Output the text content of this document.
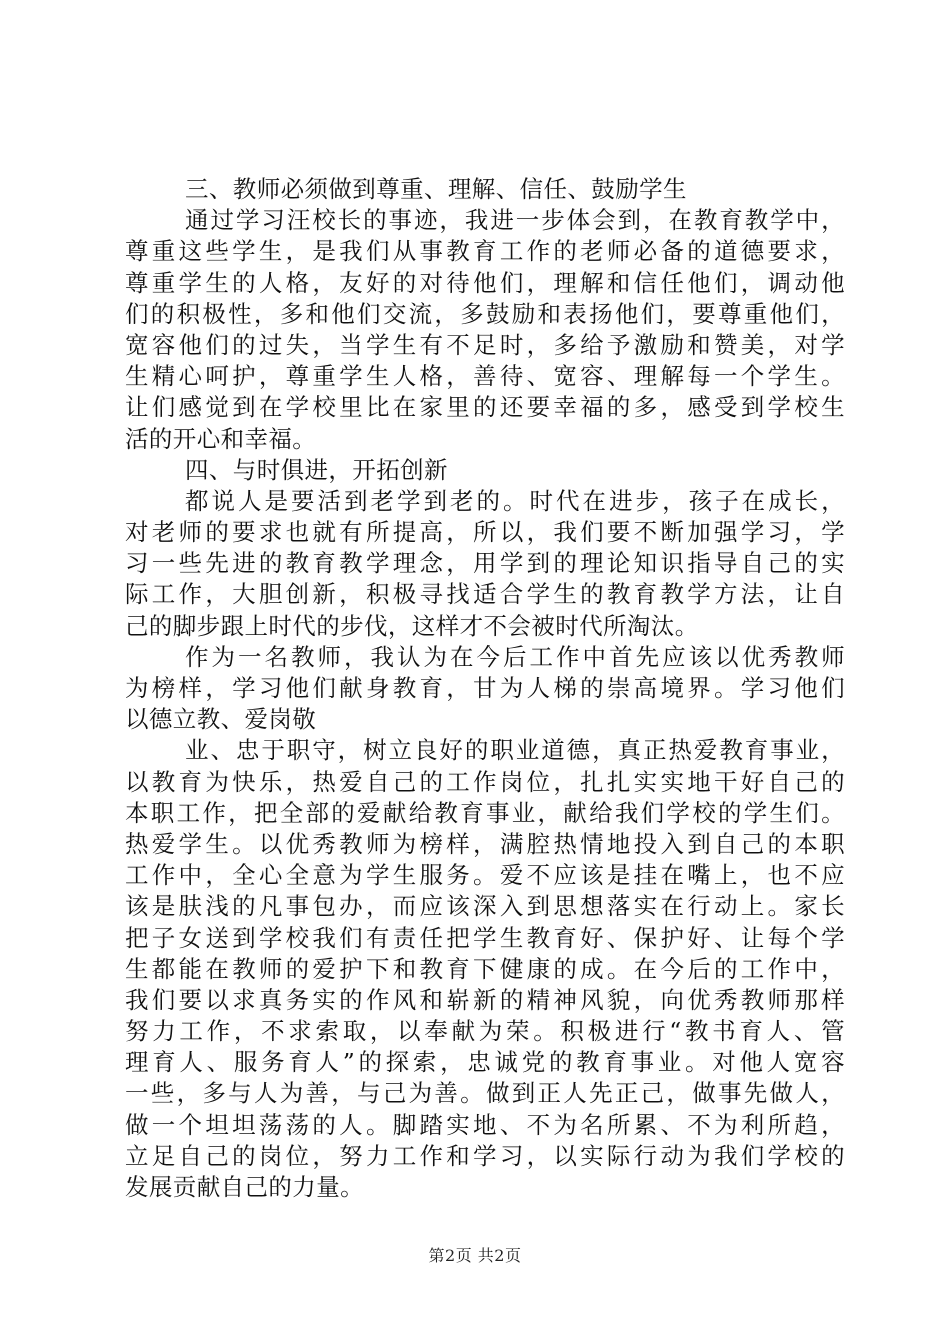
三、教师必须做到尊重、理解、信任、鼓励学生
通过学习汪校长的事迹，我进一步体会到，在教育教学中，
尊重这些学生，是我们从事教育工作的老师必备的道德要求，
尊重学生的人格，友好的对待他们，理解和信任他们，调动他
们的积极性，多和他们交流，多鼓励和表扬他们，要尊重他们，
宽容他们的过失，当学生有不足时，多给予激励和赞美，对学
生精心呵护，尊重学生人格，善待、宽容、理解每一个学生。
让们感觉到在学校里比在家里的还要幸福的多，感受到学校生
活的开心和幸福。
四、与时俱进，开拓创新
都说人是要活到老学到老的。时代在进步，孩子在成长，
对老师的要求也就有所提高，所以，我们要不断加强学习，学
习一些先进的教育教学理念，用学到的理论知识指导自己的实
际工作，大胆创新，积极寻找适合学生的教育教学方法，让自
己的脚步跟上时代的步伐，这样才不会被时代所淘汰。
作为一名教师，我认为在今后工作中首先应该以优秀教师
为榜样，学习他们献身教育，甘为人梯的崇高境界。学习他们
以德立教、爱岗敬
业、忠于职守，树立良好的职业道德，真正热爱教育事业，
以教育为快乐，热爱自己的工作岗位，扎扎实实地干好自己的
本职工作，把全部的爱献给教育事业，献给我们学校的学生们。
热爱学生。以优秀教师为榜样，满腔热情地投入到自己的本职
工作中，全心全意为学生服务。爱不应该是挂在嘴上，也不应
该是肤浅的凡事包办，而应该深入到思想落实在行动上。家长
把子女送到学校我们有责任把学生教育好、保护好、让每个学
生都能在教师的爱护下和教育下健康的成。在今后的工作中，
我们要以求真务实的作风和崭新的精神风貌，向优秀教师那样
努力工作，不求索取，以奉献为荣。积极进行“教书育人、管
理育人、服务育人”的探索，忠诚党的教育事业。对他人宽容
一些，多与人为善，与己为善。做到正人先正己，做事先做人，
做一个坦坦荡荡的人。脚踏实地、不为名所累、不为利所趋，
立足自己的岗位，努力工作和学习，以实际行动为我们学校的
发展贡献自己的力量。
第2页 共2页
